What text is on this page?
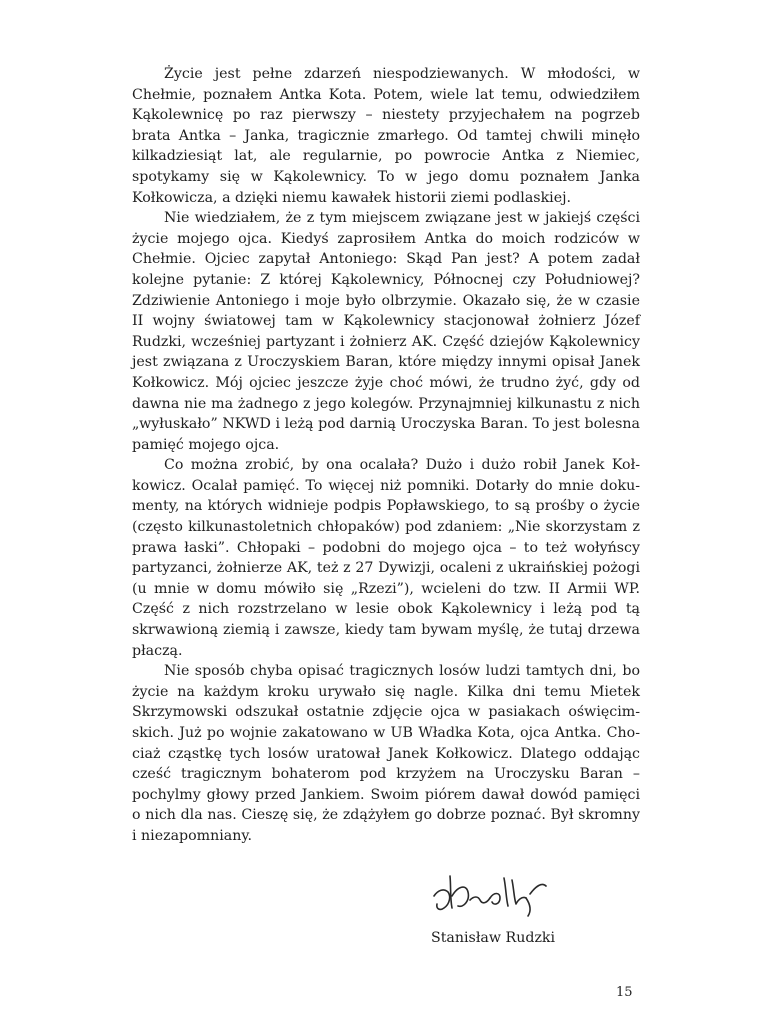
Życie jest pełne zdarzeń niespodziewanych. W młodości, w Chełmie, poznałem Antka Kota. Potem, wiele lat temu, odwiedziłem Kąkolewnicę po raz pierwszy – niestety przyjechałem na pogrzeb brata Antka – Janka, tragicznie zmarłego. Od tamtej chwili minęło kilkadziesiąt lat, ale regularnie, po powrocie Antka z Niemiec, spotykamy się w Kąkolewnicy. To w jego domu poznałem Janka Kołkowicza, a dzięki niemu kawałek historii ziemi podlaskiej.

Nie wiedziałem, że z tym miejscem związane jest w jakiejś części życie mojego ojca. Kiedyś zaprosiłem Antka do moich rodziców w Chełmie. Ojciec zapytał Antoniego: Skąd Pan jest? A potem zadał kolejne pytanie: Z której Kąkolewnicy, Północnej czy Południowej? Zdziwienie Antoniego i moje było olbrzymie. Okazało się, że w czasie II wojny światowej tam w Kąkolewnicy stacjonował żołnierz Józef Rudzki, wcześniej partyzant i żołnierz AK. Część dziejów Kąkolewnicy jest związana z Uroczyskiem Baran, które między innymi opisał Janek Kołkowicz. Mój ojciec jeszcze żyje choć mówi, że trudno żyć, gdy od dawna nie ma żadnego z jego kolegów. Przynajmniej kilkunastu z nich „wyłuskało” NKWD i leżą pod darnią Uroczyska Baran. To jest bolesna pamięć mojego ojca.

Co można zrobić, by ona ocalała? Dużo i dużo robił Janek Kołkowicz. Ocalał pamięć. To więcej niż pomniki. Dotarły do mnie dokumenty, na których widnieje podpis Popławskiego, to są prośby o życie (często kilkunastoletnich chłopaków) pod zdaniem: „Nie skorzystam z prawa łaski”. Chłopaki – podobni do mojego ojca – to też wołyńscy partyzanci, żołnierze AK, też z 27 Dywizji, ocaleni z ukraińskiej pożogi (u mnie w domu mówiło się „Rzezi”), wcieleni do tzw. II Armii WP. Część z nich rozstrzelano w lesie obok Kąkolewnicy i leżą pod tą skrwawioną ziemią i zawsze, kiedy tam bywam myślę, że tutaj drzewa płaczą.

Nie sposób chyba opisać tragicznych losów ludzi tamtych dni, bo życie na każdym kroku urywało się nagle. Kilka dni temu Mietek Skrzymowski odszukał ostatnie zdjęcie ojca w pasiakach oświęcimskich. Już po wojnie zakatowano w UB Władka Kota, ojca Antka. Chociaż cząstkę tych losów uratował Janek Kołkowicz. Dlatego oddając cześć tragicznym bohaterom pod krzyżem na Uroczysku Baran – pochylmy głowy przed Jankiem. Swoim piórem dawał dowód pamięci o nich dla nas. Cieszę się, że zdążyłem go dobrze poznać. Był skromny i niezapomniany.

Stanisław Rudzki
15
